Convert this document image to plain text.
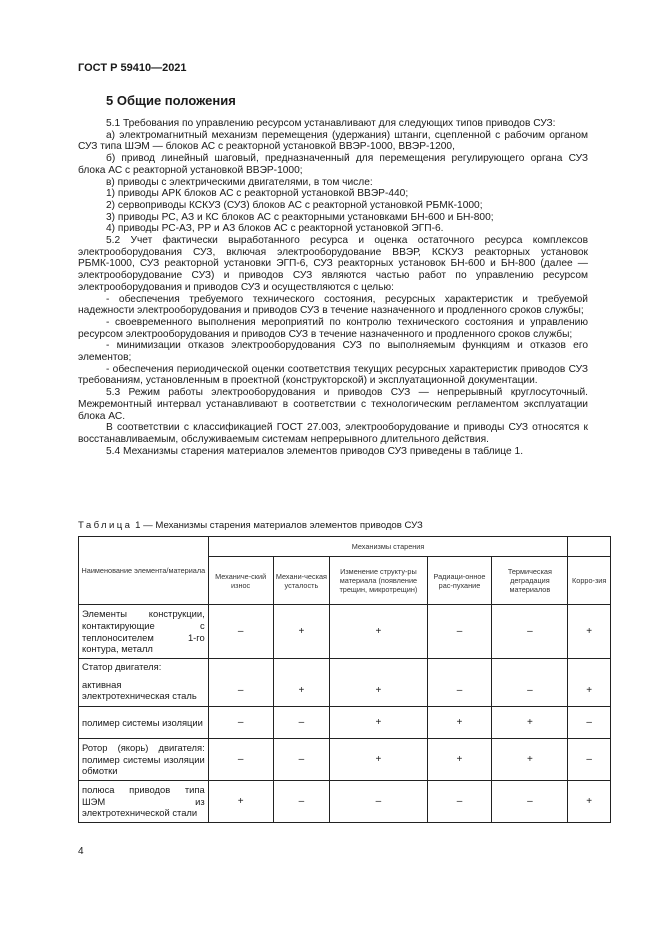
ГОСТ Р 59410—2021
5 Общие положения

5.1 Требования по управлению ресурсом устанавливают для следующих типов приводов СУЗ:

а) электромагнитный механизм перемещения (удержания) штанги, сцепленной с рабочим органом СУЗ типа ШЭМ — блоков АС с реакторной установкой ВВЭР-1000, ВВЭР-1200,

б) привод линейный шаговый, предназначенный для перемещения регулирующего органа СУЗ блока АС с реакторной установкой ВВЭР-1000;

в) приводы с электрическими двигателями, в том числе:

1) приводы АРК блоков АС с реакторной установкой ВВЭР-440;

2) сервоприводы КСКУЗ (СУЗ) блоков АС с реакторной установкой РБМК-1000;

3) приводы РС, АЗ и КС блоков АС с реакторными установками БН-600 и БН-800;

4) приводы РС-АЗ, РР и АЗ блоков АС с реакторной установкой ЭГП-6.

5.2 Учет фактически выработанного ресурса и оценка остаточного ресурса комплексов электрооборудования СУЗ, включая электрооборудование ВВЭР, КСКУЗ реакторных установок РБМК-1000, СУЗ реакторной установки ЭГП-6, СУЗ реакторных установок БН-600 и БН-800 (далее — электрооборудование СУЗ) и приводов СУЗ являются частью работ по управлению ресурсом электрооборудования и приводов СУЗ и осуществляются с целью:

- обеспечения требуемого технического состояния, ресурсных характеристик и требуемой надежности электрооборудования и приводов СУЗ в течение назначенного и продленного сроков службы;

- своевременного выполнения мероприятий по контролю технического состояния и управлению ресурсом электрооборудования и приводов СУЗ в течение назначенного и продленного сроков службы;

- минимизации отказов электрооборудования СУЗ по выполняемым функциям и отказов его элементов;

- обеспечения периодической оценки соответствия текущих ресурсных характеристик приводов СУЗ требованиям, установленным в проектной (конструкторской) и эксплуатационной документации.

5.3 Режим работы электрооборудования и приводов СУЗ — непрерывный круглосуточный. Межремонтный интервал устанавливают в соответствии с технологическим регламентом эксплуатации блока АС.

В соответствии с классификацией ГОСТ 27.003, электрооборудование и приводы СУЗ относятся к восстанавливаемым, обслуживаемым системам непрерывного длительного действия.

5.4 Механизмы старения материалов элементов приводов СУЗ приведены в таблице 1.

Таблица 1 — Механизмы старения материалов элементов приводов СУЗ
Наименование элемента/материала	Механизмы старения					
	Механиче-ский износ	Механи-ческая усталость	Изменение структу-ры материала (появление трещин, микротрещин)	Радиаци-онное рас-пухание	Термическая деградация материалов	Корро-зия
Элементы конструкции, контактирующие с теплоносителем 1-го контура, металл	–	+	+	–	–	+
Статор двигателя:						
активная электротехническая сталь	–	+	+	–	–	+
полимер системы изоляции	–	–	+	+	+	–
Ротор (якорь) двигателя: полимер системы изоляции обмотки	–	–	+	+	+	–
полюса приводов типа ШЭМ из электротехнической стали	+	–	–	–	–	+
4
